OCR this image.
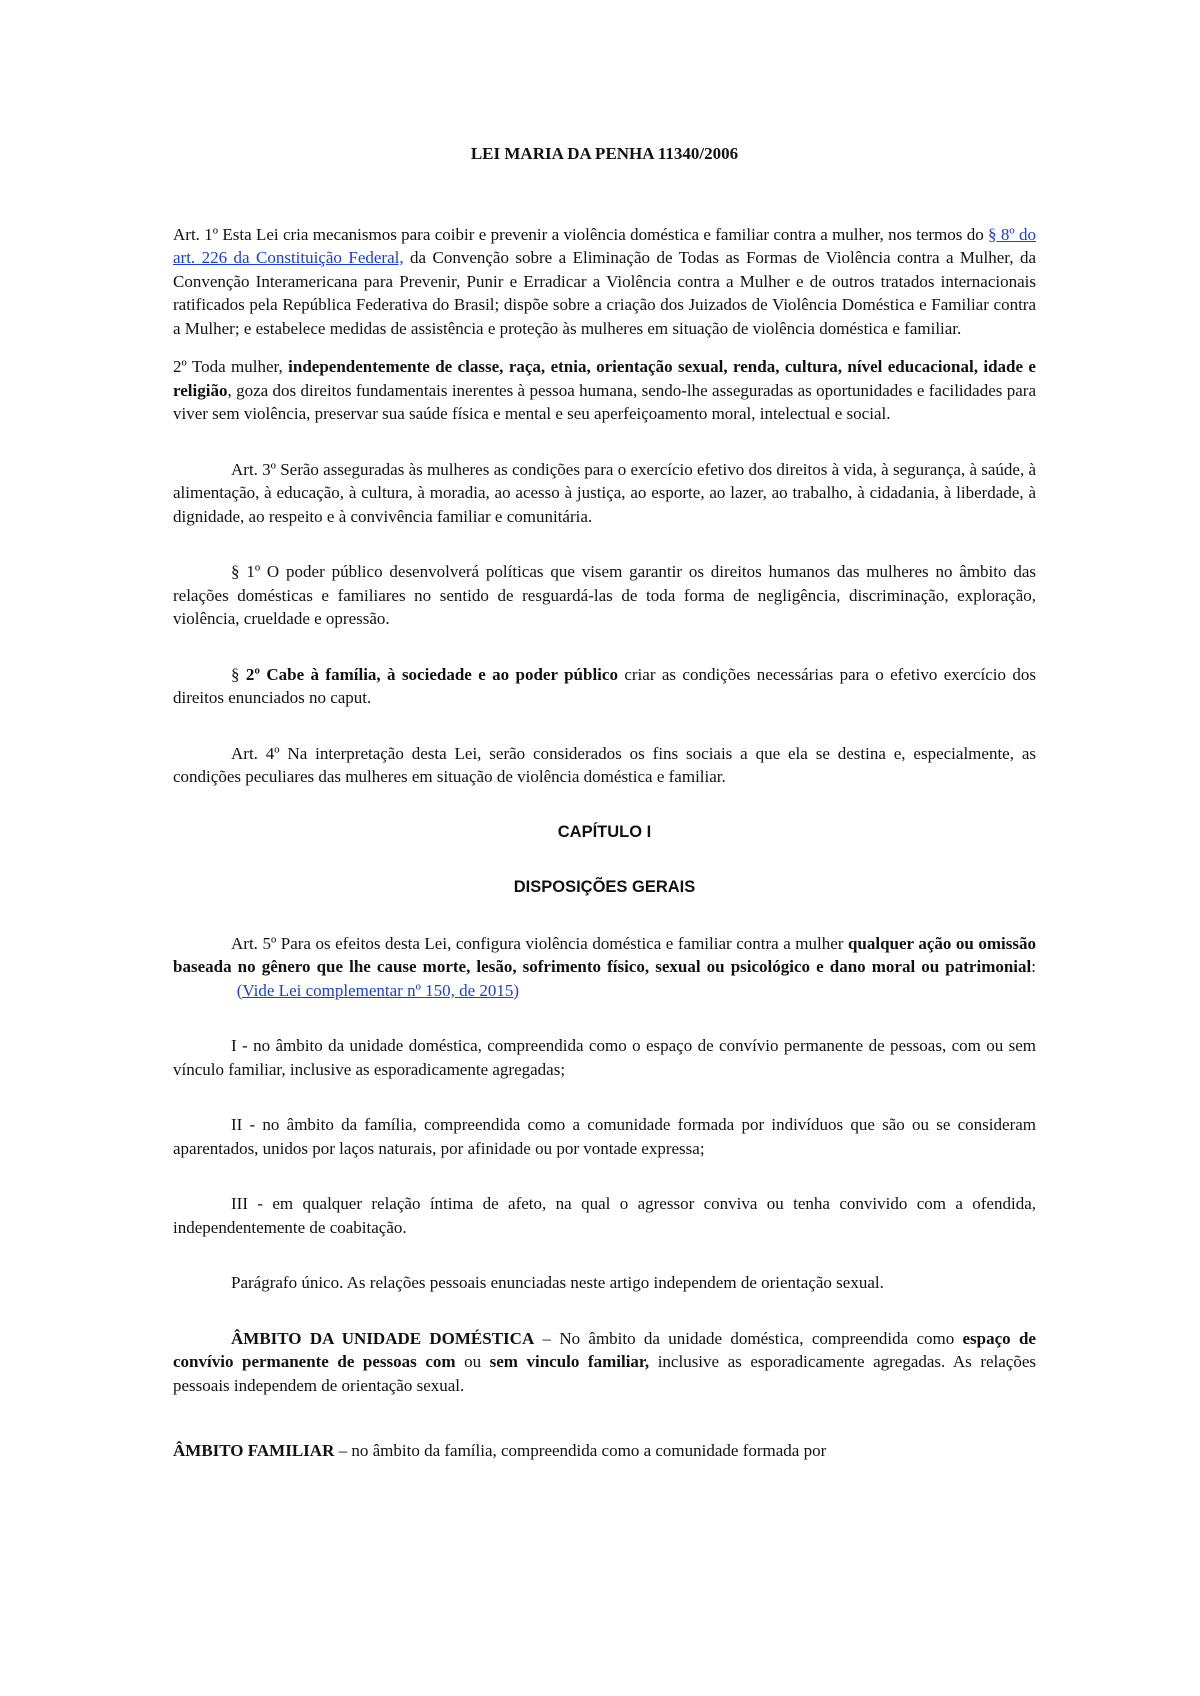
LEI MARIA DA PENHA 11340/2006

Art. 1º Esta Lei cria mecanismos para coibir e prevenir a violência doméstica e familiar contra a mulher, nos termos do § 8º do art. 226 da Constituição Federal, da Convenção sobre a Eliminação de Todas as Formas de Violência contra a Mulher, da Convenção Interamericana para Prevenir, Punir e Erradicar a Violência contra a Mulher e de outros tratados internacionais ratificados pela República Federativa do Brasil; dispõe sobre a criação dos Juizados de Violência Doméstica e Familiar contra a Mulher; e estabelece medidas de assistência e proteção às mulheres em situação de violência doméstica e familiar.

2º Toda mulher, independentemente de classe, raça, etnia, orientação sexual, renda, cultura, nível educacional, idade e religião, goza dos direitos fundamentais inerentes à pessoa humana, sendo-lhe asseguradas as oportunidades e facilidades para viver sem violência, preservar sua saúde física e mental e seu aperfeiçoamento moral, intelectual e social.

Art. 3º Serão asseguradas às mulheres as condições para o exercício efetivo dos direitos à vida, à segurança, à saúde, à alimentação, à educação, à cultura, à moradia, ao acesso à justiça, ao esporte, ao lazer, ao trabalho, à cidadania, à liberdade, à dignidade, ao respeito e à convivência familiar e comunitária.

§ 1º O poder público desenvolverá políticas que visem garantir os direitos humanos das mulheres no âmbito das relações domésticas e familiares no sentido de resguardá-las de toda forma de negligência, discriminação, exploração, violência, crueldade e opressão.

§ 2º Cabe à família, à sociedade e ao poder público criar as condições necessárias para o efetivo exercício dos direitos enunciados no caput.

Art. 4º Na interpretação desta Lei, serão considerados os fins sociais a que ela se destina e, especialmente, as condições peculiares das mulheres em situação de violência doméstica e familiar.

CAPÍTULO I

DISPOSIÇÕES GERAIS

Art. 5º Para os efeitos desta Lei, configura violência doméstica e familiar contra a mulher qualquer ação ou omissão baseada no gênero que lhe cause morte, lesão, sofrimento físico, sexual ou psicológico e dano moral ou patrimonial:               (Vide Lei complementar nº 150, de 2015)

I - no âmbito da unidade doméstica, compreendida como o espaço de convívio permanente de pessoas, com ou sem vínculo familiar, inclusive as esporadicamente agregadas;

II - no âmbito da família, compreendida como a comunidade formada por indivíduos que são ou se consideram aparentados, unidos por laços naturais, por afinidade ou por vontade expressa;

III - em qualquer relação íntima de afeto, na qual o agressor conviva ou tenha convivido com a ofendida, independentemente de coabitação.

Parágrafo único. As relações pessoais enunciadas neste artigo independem de orientação sexual.

ÂMBITO DA UNIDADE DOMÉSTICA – No âmbito da unidade doméstica, compreendida como espaço de convívio permanente de pessoas com ou sem vinculo familiar, inclusive as esporadicamente agregadas. As relações pessoais independem de orientação sexual.

ÂMBITO FAMILIAR – no âmbito da família, compreendida como a comunidade formada por
